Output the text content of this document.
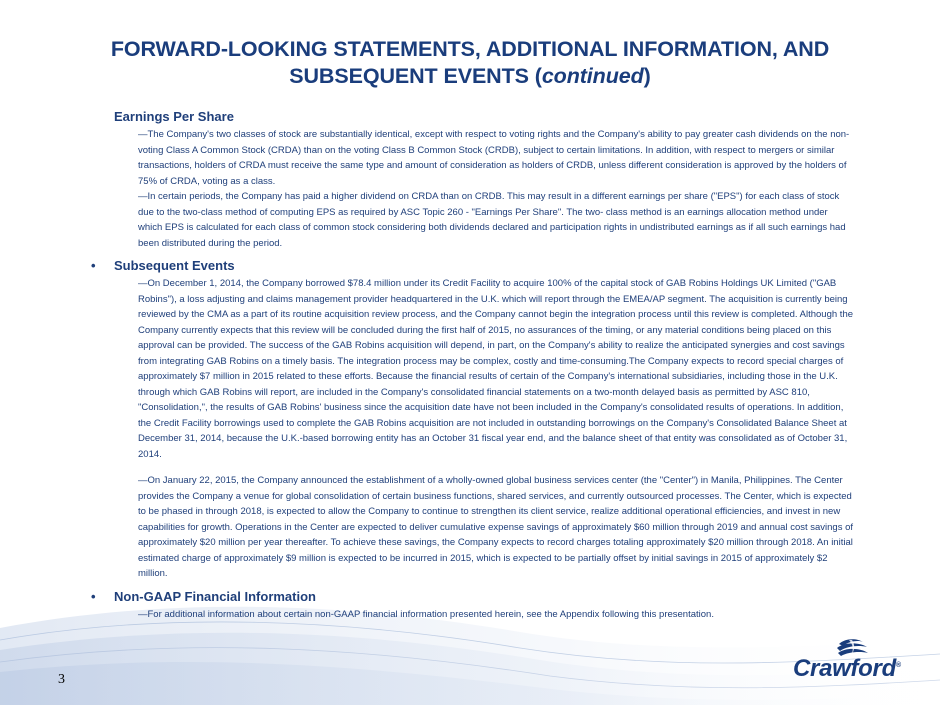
FORWARD-LOOKING STATEMENTS, ADDITIONAL INFORMATION, AND
SUBSEQUENT EVENTS (continued)
Earnings Per Share

—The Company's two classes of stock are substantially identical, except with respect to voting rights and the Company's ability to pay greater cash dividends on the non-voting Class A Common Stock (CRDA) than on the voting Class B Common Stock (CRDB), subject to certain limitations. In addition, with respect to mergers or similar transactions, holders of CRDA must receive the same type and amount of consideration as holders of CRDB, unless different consideration is approved by the holders of 75% of CRDA, voting as a class.

—In certain periods, the Company has paid a higher dividend on CRDA than on CRDB. This may result in a different earnings per share ("EPS") for each class of stock due to the two-class method of computing EPS as required by ASC Topic 260 - "Earnings Per Share". The two- class method is an earnings allocation method under which EPS is calculated for each class of common stock considering both dividends declared and participation rights in undistributed earnings as if all such earnings had been distributed during the period.

• Subsequent Events

—On December 1, 2014, the Company borrowed $78.4 million under its Credit Facility to acquire 100% of the capital stock of GAB Robins Holdings UK Limited ("GAB Robins"), a loss adjusting and claims management provider headquartered in the U.K. which will report through the EMEA/AP segment. The acquisition is currently being reviewed by the CMA as a part of its routine acquisition review process, and the Company cannot begin the integration process until this review is completed. Although the Company currently expects that this review will be concluded during the first half of 2015, no assurances of the timing, or any material conditions being placed on this approval can be provided. The success of the GAB Robins acquisition will depend, in part, on the Company's ability to realize the anticipated synergies and cost savings from integrating GAB Robins on a timely basis. The integration process may be complex, costly and time-consuming.The Company expects to record special charges of approximately $7 million in 2015 related to these efforts. Because the financial results of certain of the Company's international subsidiaries, including those in the U.K. through which GAB Robins will report, are included in the Company's consolidated financial statements on a two-month delayed basis as permitted by ASC 810, "Consolidation,", the results of GAB Robins' business since the acquisition date have not been included in the Company's consolidated results of operations. In addition, the Credit Facility borrowings used to complete the GAB Robins acquisition are not included in outstanding borrowings on the Company's Consolidated Balance Sheet at December 31, 2014, because the U.K.-based borrowing entity has an October 31 fiscal year end, and the balance sheet of that entity was consolidated as of October 31, 2014.

—On January 22, 2015, the Company announced the establishment of a wholly-owned global business services center (the "Center") in Manila, Philippines. The Center provides the Company a venue for global consolidation of certain business functions, shared services, and currently outsourced processes. The Center, which is expected to be phased in through 2018, is expected to allow the Company to continue to strengthen its client service, realize additional operational efficiencies, and invest in new capabilities for growth. Operations in the Center are expected to deliver cumulative expense savings of approximately $60 million through 2019 and annual cost savings of approximately $20 million per year thereafter. To achieve these savings, the Company expects to record charges totaling approximately $20 million through 2018. An initial estimated charge of approximately $9 million is expected to be incurred in 2015, which is expected to be partially offset by initial savings in 2015 of approximately $2 million.

• Non-GAAP Financial Information

—For additional information about certain non-GAAP financial information presented herein, see the Appendix following this presentation.

3	Crawford®
